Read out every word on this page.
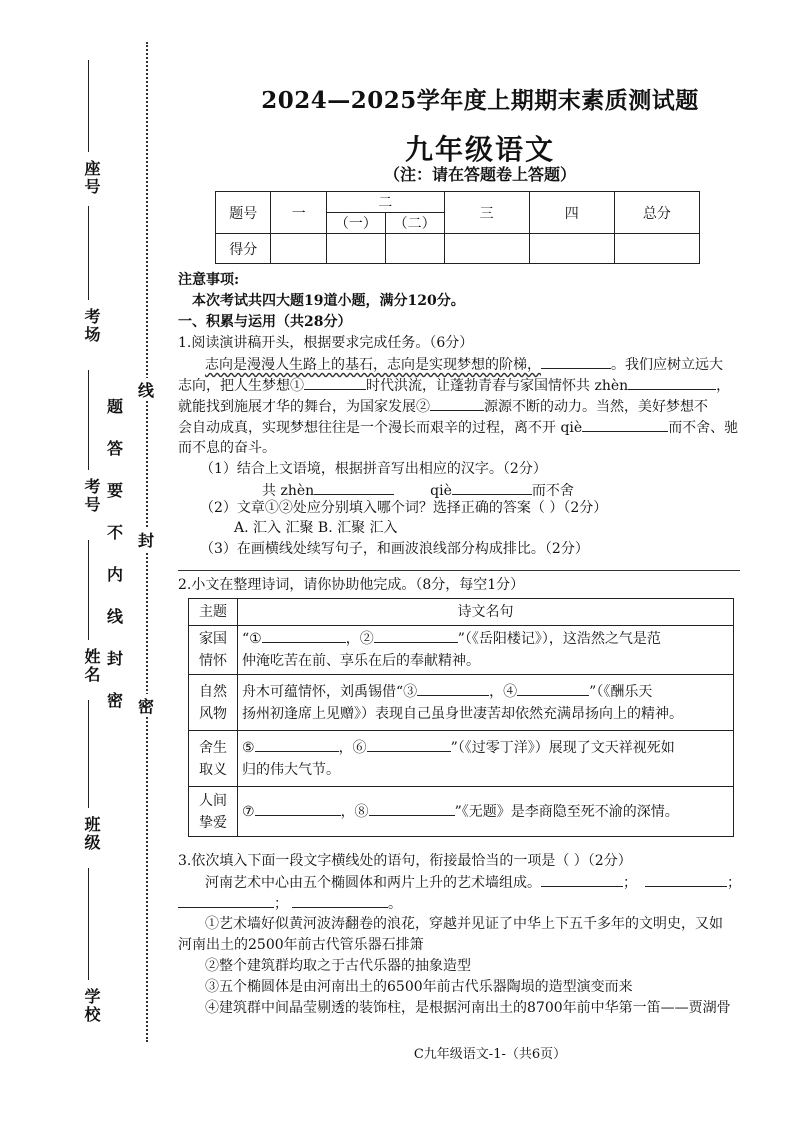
座号
考场
考号
姓名
班级
学校
题
答
要
不
内
线
封
密
线
封
密
2024—2025学年度上期期末素质测试题
九年级语文
（注：请在答题卷上答题）
题号	一	二		三	四	总分
		（一）	（二）			
得分						
注意事项:
本次考试共四大题19道小题，满分120分。
一、积累与运用（共28分）
1.阅读演讲稿开头，根据要求完成任务。（6分）
志向是漫漫人生路上的基石，志向是实现梦想的阶梯，	。我们应树立远大
志向，把人生梦想①	时代洪流，让蓬勃青春与家国情怀共 zhèn	，
就能找到施展才华的舞台，为国家发展②	源源不断的动力。当然，美好梦想不
会自动成真，实现梦想往往是一个漫长而艰辛的过程，离不开 qiè	而不舍、驰
而不息的奋斗。
（1）结合上文语境，根据拼音写出相应的汉字。（2分）
共 zhèn	qiè	而不舍
（2）文章①②处应分别填入哪个词？选择正确的答案（ ）（2分）
A. 汇入 汇聚 B. 汇聚 汇入
（3）在画横线处续写句子，和画波浪线部分构成排比。（2分）
2.小文在整理诗词，请你协助他完成。（8分，每空1分）
主题	诗文名句
家国情怀	“① ，② ”（《岳阳楼记》），这浩然之气是范
仲淹吃苦在前、享乐在后的奉献精神。
自然风物	舟木可蕴情怀，刘禹锡借“③ ，④ ”（《酬乐天
扬州初逢席上见赠》）表现自己虽身世凄苦却依然充满昂扬向上的精神。
舍生取义	⑤ ，⑥ ”（《过零丁洋》）展现了文天祥视死如
归的伟大气节。
人间挚爱	⑦ ，⑧ ”《无题》是李商隐至死不渝的深情。
3.依次填入下面一段文字横线处的语句，衔接最恰当的一项是（ ）（2分）
河南艺术中心由五个椭圆体和两片上升的艺术墙组成。	；	；
；	。
①艺术墙好似黄河波涛翻卷的浪花，穿越并见证了中华上下五千多年的文明史，又如
河南出土的2500年前古代管乐器石排箫
②整个建筑群均取之于古代乐器的抽象造型
③五个椭圆体是由河南出土的6500年前古代乐器陶埙的造型演变而来
④建筑群中间晶莹剔透的装饰柱，是根据河南出土的8700年前中华第一笛——贾湖骨
C九年级语文-1-（共6页）
